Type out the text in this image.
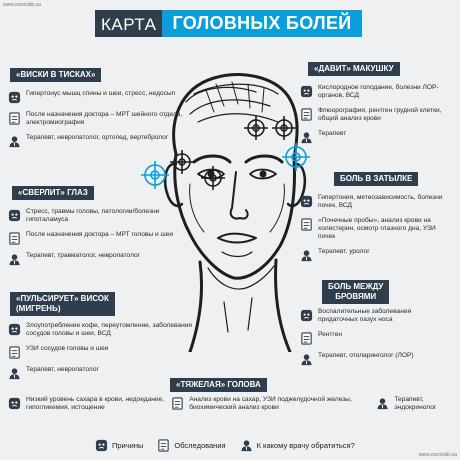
www.euroclab.ua
КАРТА ГОЛОВНЫХ БОЛЕЙ
«ВИСКИ В ТИСКАХ»
Гипертонус мышц спины и шеи, стресс, недосып
После назначения доктора – МРТ шейного отдела, электромиография
Терапевт, невропатолог, ортопед, вертебролог
«СВЕРЛИТ» ГЛАЗ
Стресс, травмы головы, патологии/болезни гипоталамуса
После назначения доктора – МРТ головы и шеи
Терапевт, травматолог, невропатолог
«ПУЛЬСИРУЕТ» ВИСОК
(МИГРЕНЬ)
Злоупотребление кофе, переутомление, заболевания сосудов головы и шеи, ВСД
УЗИ сосудов головы и шеи
Терапевт, невропатолог
«ДАВИТ» МАКУШКУ
Кислородное голодание, болезни ЛОР-органов, ВСД
Флюорография, рентген грудной клетки, общий анализ крови
Терапевт
БОЛЬ В ЗАТЫЛКЕ
Гипертония, метеозависимость, болезни почек, ВСД
«Почечные пробы», анализ крови на холестерин, осмотр глазного дна, УЗИ почек
Терапевт, уролог
БОЛЬ МЕЖДУ
БРОВЯМИ
Воспалительные заболевания придаточных пазух носа
Рентген
Терапевт, отоларинголог (ЛОР)
«ТЯЖЕЛАЯ» ГОЛОВА
Низкий уровень сахара в крови, недоедание, гипогликемия, истощение
Анализ крови на сахар, УЗИ поджелудочной железы, биохимический анализ крови
Терапевт, эндокринолог
Причины	Обследования	К какому врачу обратиться?
www.euroclab.ua
